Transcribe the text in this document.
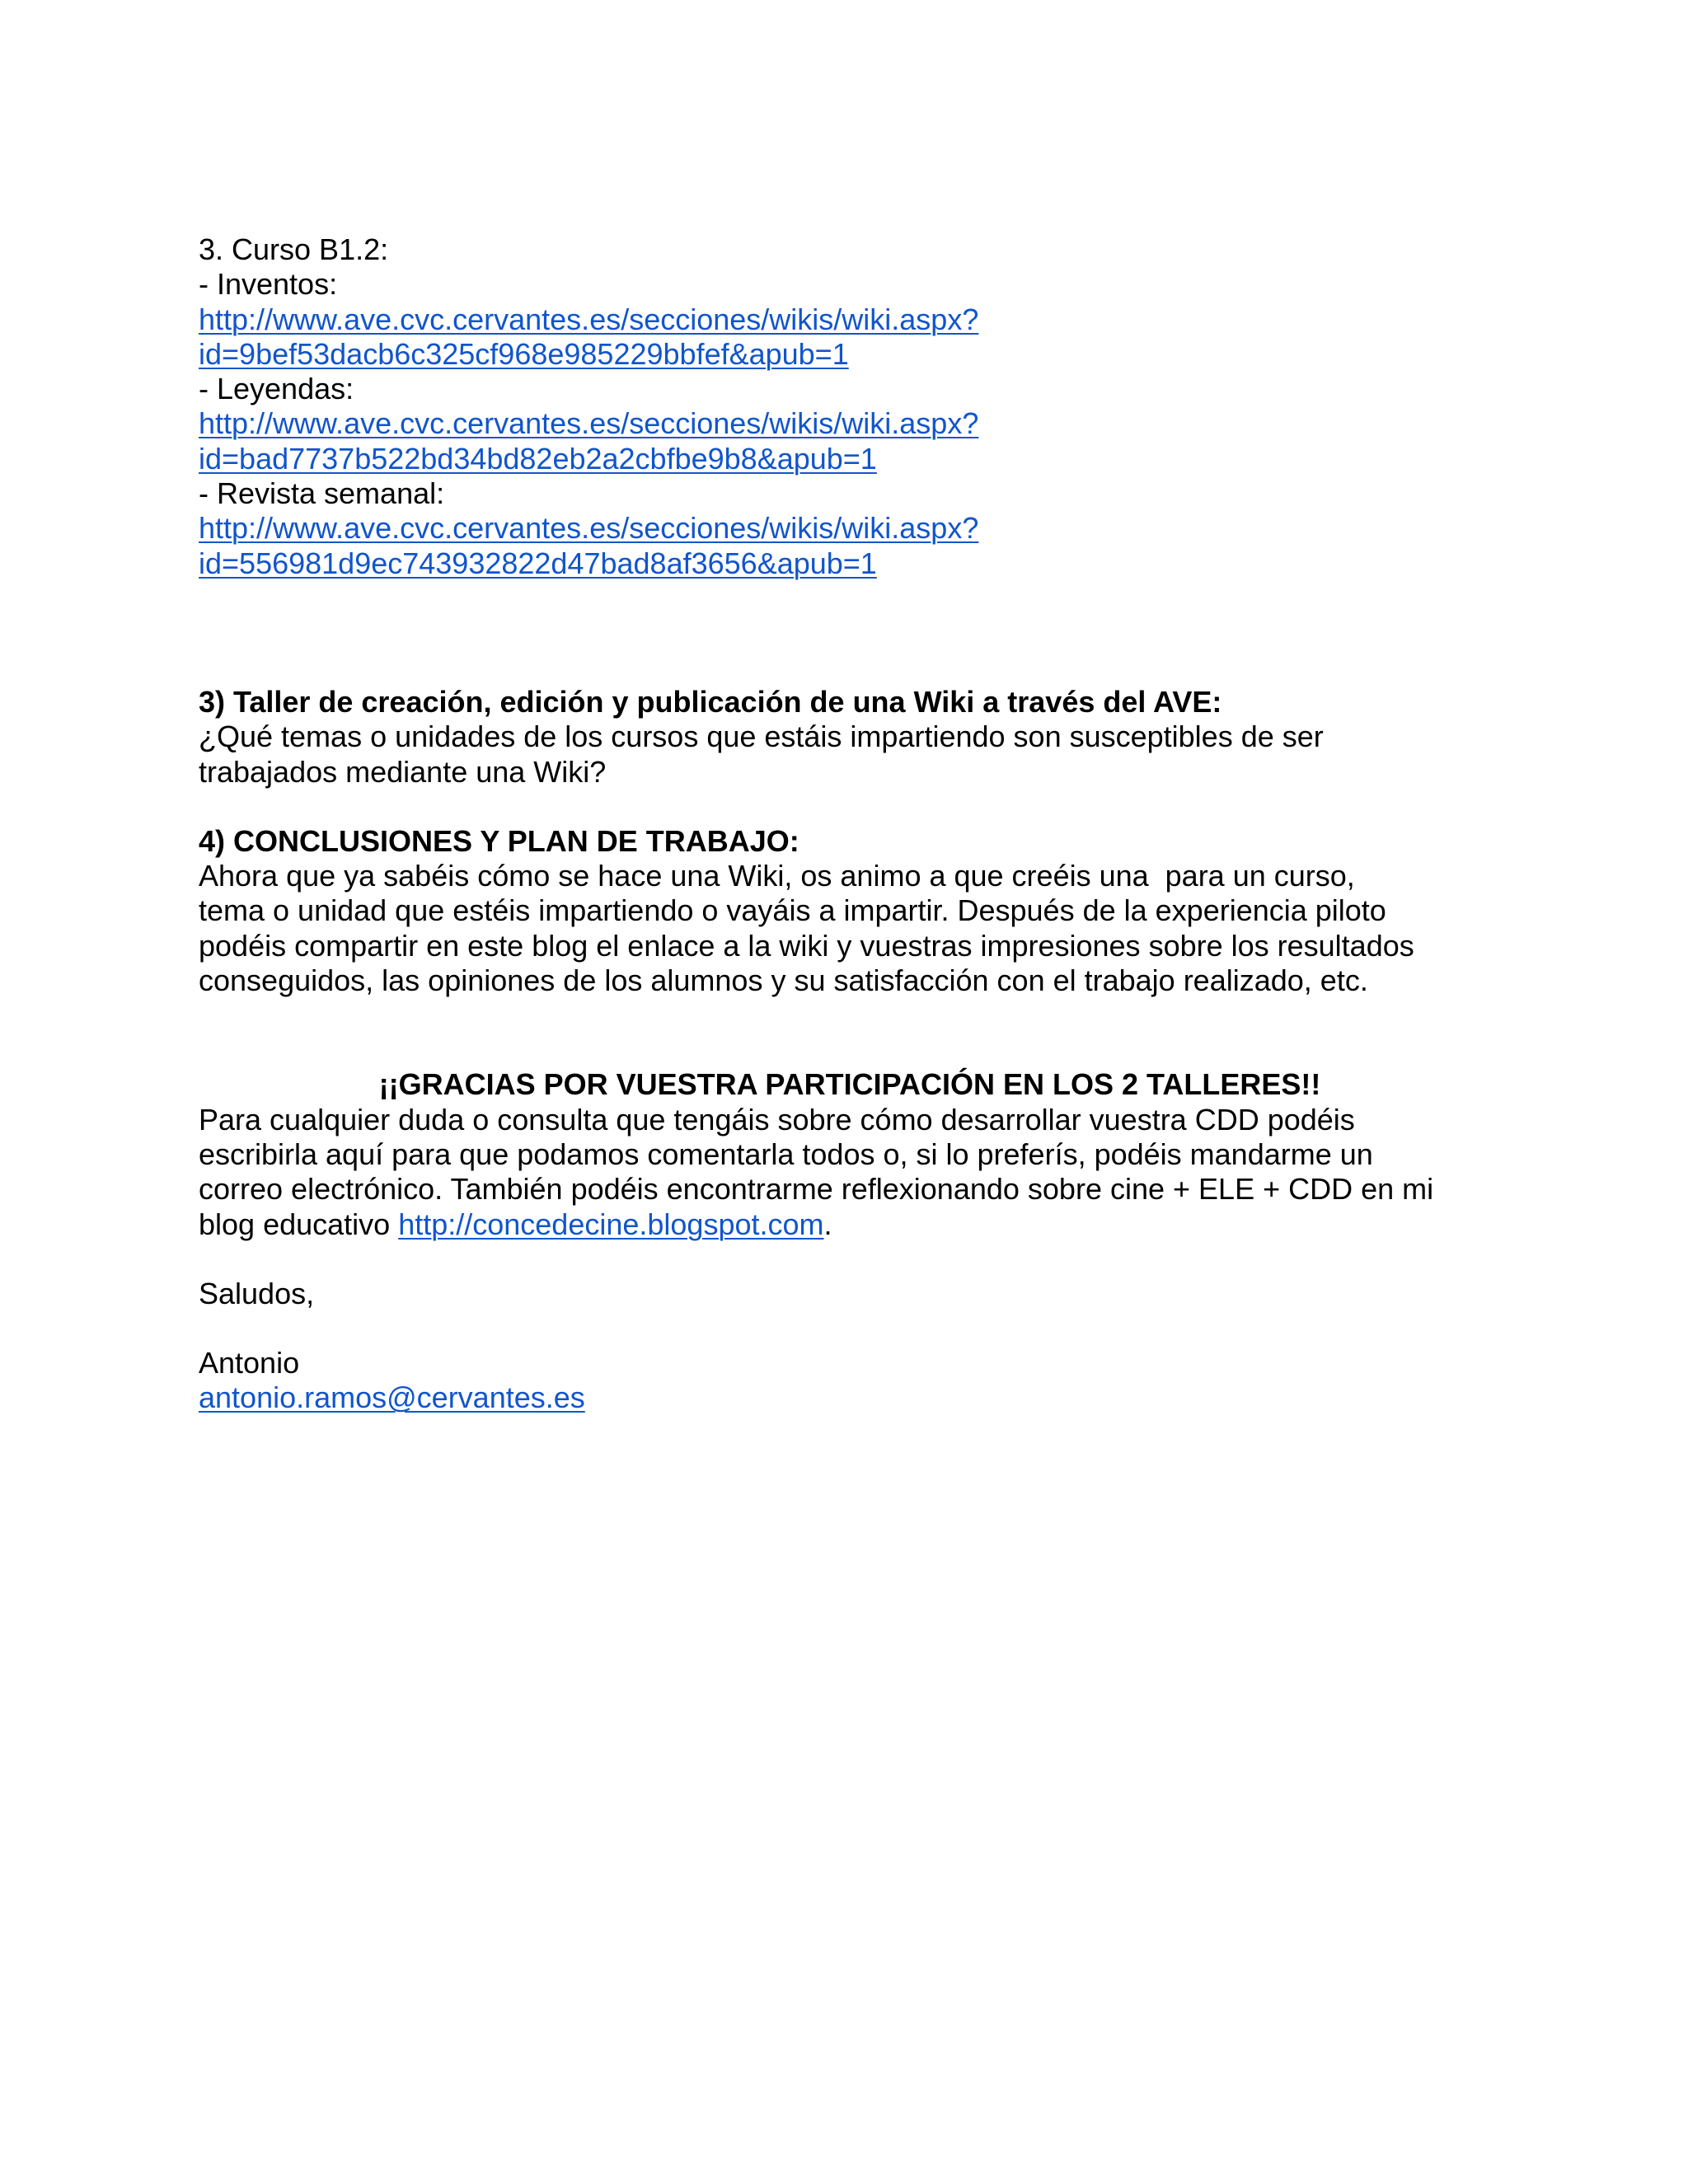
3. Curso B1.2:
- Inventos:
http://www.ave.cvc.cervantes.es/secciones/wikis/wiki.aspx?
id=9bef53dacb6c325cf968e985229bbfef&apub=1
- Leyendas:
http://www.ave.cvc.cervantes.es/secciones/wikis/wiki.aspx?
id=bad7737b522bd34bd82eb2a2cbfbe9b8&apub=1
- Revista semanal:
http://www.ave.cvc.cervantes.es/secciones/wikis/wiki.aspx?
id=556981d9ec743932822d47bad8af3656&apub=1
3) Taller de creación, edición y publicación de una Wiki a través del AVE:
¿Qué temas o unidades de los cursos que estáis impartiendo son susceptibles de ser
trabajados mediante una Wiki?
4) CONCLUSIONES Y PLAN DE TRABAJO:
Ahora que ya sabéis cómo se hace una Wiki, os animo a que creéis una  para un curso,
tema o unidad que estéis impartiendo o vayáis a impartir. Después de la experiencia piloto
podéis compartir en este blog el enlace a la wiki y vuestras impresiones sobre los resultados
conseguidos, las opiniones de los alumnos y su satisfacción con el trabajo realizado, etc.
¡¡GRACIAS POR VUESTRA PARTICIPACIÓN EN LOS 2 TALLERES!!
Para cualquier duda o consulta que tengáis sobre cómo desarrollar vuestra CDD podéis
escribirla aquí para que podamos comentarla todos o, si lo preferís, podéis mandarme un
correo electrónico. También podéis encontrarme reflexionando sobre cine + ELE + CDD en mi
blog educativo http://concedecine.blogspot.com.
Saludos,
Antonio
antonio.ramos@cervantes.es
